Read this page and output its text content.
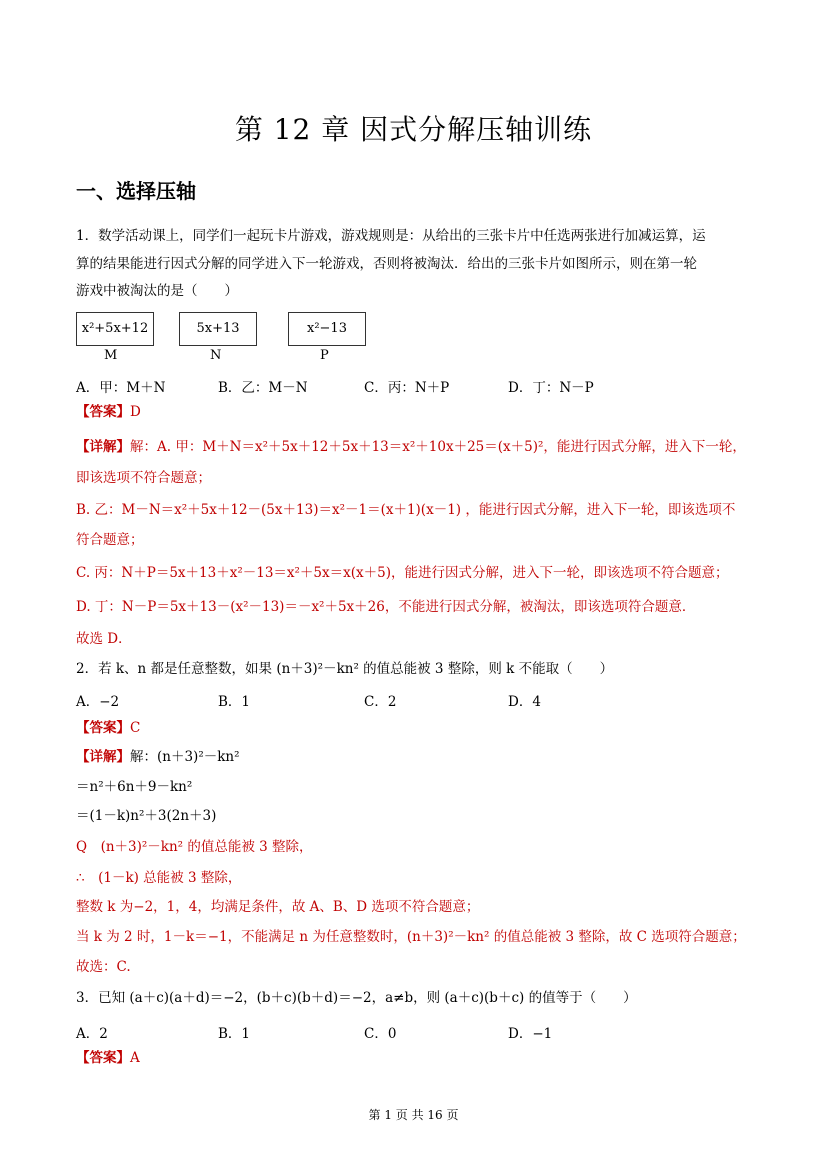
第 12 章 因式分解压轴训练
一、选择压轴
1．数学活动课上，同学们一起玩卡片游戏，游戏规则是：从给出的三张卡片中任选两张进行加减运算，运
算的结果能进行因式分解的同学进入下一轮游戏，否则将被淘汰．给出的三张卡片如图所示，则在第一轮
游戏中被淘汰的是（　　）
x²+5x+12	5x+13	x²−13
M	N	P
A．甲：M＋N	B．乙：M－N	C．丙：N＋P	D．丁：N－P
【答案】D
【详解】解：A. 甲：M＋N＝x²＋5x＋12＋5x＋13＝x²＋10x＋25＝(x＋5)²，能进行因式分解，进入下一轮，
即该选项不符合题意；
B. 乙：M－N＝x²＋5x＋12－(5x＋13)＝x²－1＝(x＋1)(x－1) ，能进行因式分解，进入下一轮，即该选项不
符合题意；
C. 丙：N＋P＝5x＋13＋x²－13＝x²＋5x＝x(x＋5)，能进行因式分解，进入下一轮，即该选项不符合题意；
D. 丁：N－P＝5x＋13－(x²－13)＝－x²＋5x＋26，不能进行因式分解，被淘汰，即该选项符合题意．
故选 D．
2．若 k、n 都是任意整数，如果 (n＋3)²－kn² 的值总能被 3 整除，则 k 不能取（　　）
A．−2	B．1	C．2	D．4
【答案】C
【详解】解：(n＋3)²－kn²
＝n²＋6n＋9－kn²
＝(1－k)n²＋3(2n＋3)
Q　(n＋3)²－kn² 的值总能被 3 整除，
∴　(1－k) 总能被 3 整除，
整数 k 为−2，1，4，均满足条件，故 A、B、D 选项不符合题意；
当 k 为 2 时，1－k＝−1，不能满足 n 为任意整数时，(n＋3)²－kn² 的值总能被 3 整除，故 C 选项符合题意；
故选：C.
3．已知 (a＋c)(a＋d)＝−2，(b＋c)(b＋d)＝−2，a≠b，则 (a＋c)(b＋c) 的值等于（　　）
A．2	B．1	C．0	D．−1
【答案】A
第 1 页 共 16 页
